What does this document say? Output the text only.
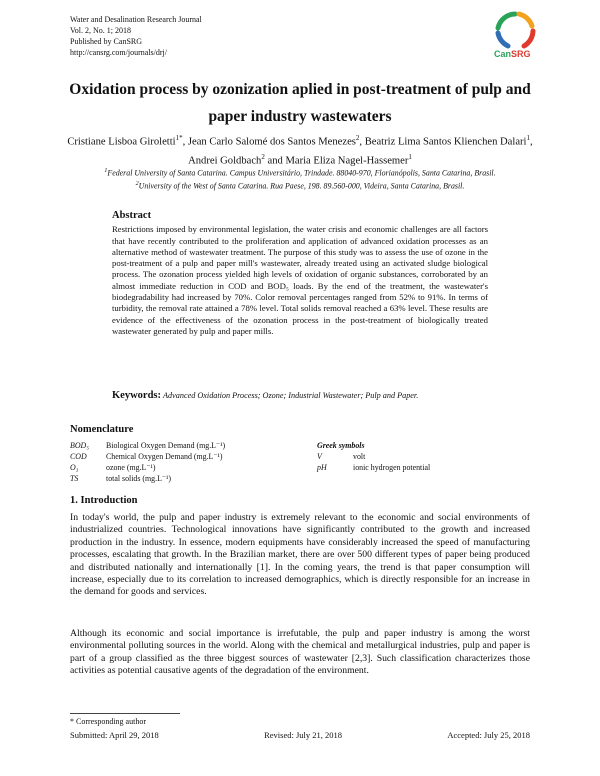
Water and Desalination Research Journal
Vol. 2, No. 1; 2018
Published by CanSRG
http://cansrg.com/journals/drj/	CanSRG
Oxidation process by ozonization aplied in post-treatment of pulp and paper industry wastewaters
Cristiane Lisboa Giroletti$^{1*}$, Jean Carlo Salomé dos Santos Menezes$^2$, Beatriz Lima Santos Klienchen Dalari$^1$, Andrei Goldbach$^2$ and Maria Eliza Nagel-Hassemer$^1$
$^1$Federal University of Santa Catarina. Campus Universitário, Trindade. 88040-970, Florianópolis, Santa Catarina, Brasil.
$^2$University of the West of Santa Catarina. Rua Paese, 198. 89.560-000, Videira, Santa Catarina, Brasil.
Abstract

Restrictions imposed by environmental legislation, the water crisis and economic challenges are all factors that have recently contributed to the proliferation and application of advanced oxidation processes as an alternative method of wastewater treatment. The purpose of this study was to assess the use of ozone in the post-treatment of a pulp and paper mill's wastewater, already treated using an activated sludge biological process. The ozonation process yielded high levels of oxidation of organic substances, corroborated by an almost immediate reduction in COD and BOD₅ loads. By the end of the treatment, the wastewater's biodegradability had increased by 70%. Color removal percentages ranged from 52% to 91%. In terms of turbidity, the removal rate attained a 78% level. Total solids removal reached a 63% level. These results are evidence of the effectiveness of the ozonation process in the post-treatment of biologically treated wastewater generated by pulp and paper mills.

Keywords: Advanced Oxidation Process; Ozone; Industrial Wastewater; Pulp and Paper.
Nomenclature
BOD₅	Biological Oxygen Demand (mg.L⁻¹)
COD	Chemical Oxygen Demand (mg.L⁻¹)
O₃	ozone (mg.L⁻¹)
TS	total solids (mg.L⁻¹)
Greek symbols
V	volt
pH	ionic hydrogen potential
1. Introduction

In today's world, the pulp and paper industry is extremely relevant to the economic and social environments of industrialized countries. Technological innovations have significantly contributed to the growth and increased production in the industry. In essence, modern equipments have considerably increased the speed of manufacturing processes, escalating that growth. In the Brazilian market, there are over 500 different types of paper being produced and distributed nationally and internationally [1]. In the coming years, the trend is that paper consumption will increase, especially due to its correlation to increased demographics, which is directly responsible for an increase in the demand for goods and services.

Although its economic and social importance is irrefutable, the pulp and paper industry is among the worst environmental polluting sources in the world. Along with the chemical and metallurgical industries, pulp and paper is part of a group classified as the three biggest sources of wastewater [2,3]. Such classification characterizes those activities as potential causative agents of the degradation of the environment.

* Corresponding author
Submitted: April 29, 2018	Revised: July 21, 2018	Accepted: July 25, 2018
